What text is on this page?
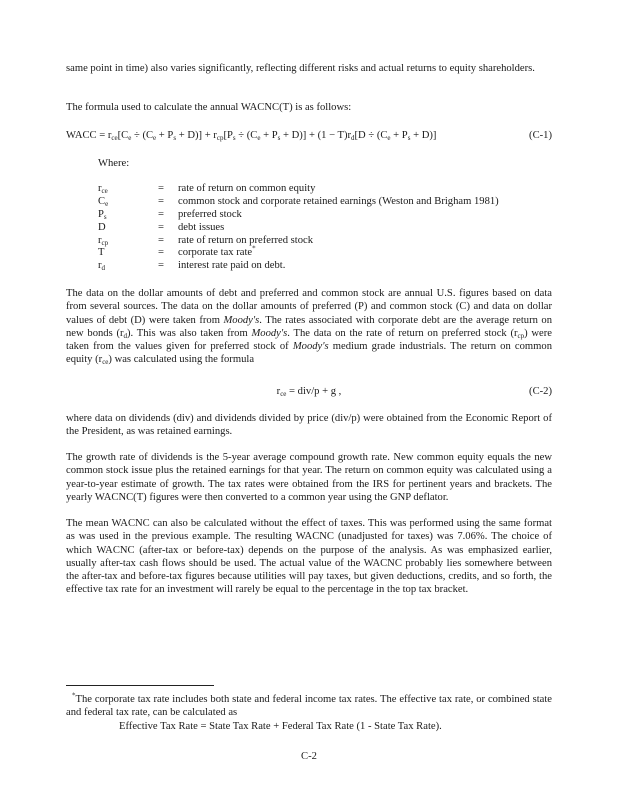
same point in time) also varies significantly, reflecting different risks and actual returns to equity shareholders.

The formula used to calculate the annual WACNC(T) is as follows:

WACC = $r_{ce}[C_e \div (C_e + P_s + D)] + r_{cp}[P_s \div (C_e + P_s + D)] + (1 - T)r_d[D \div (C_e + P_s + D)]$	(C-1)

Where:

$r_{ce}$	= rate of return on common equity
$C_e$	= common stock and corporate retained earnings (Weston and Brigham 1981)
$P_s$	= preferred stock
D	= debt issues
$r_{cp}$	= rate of return on preferred stock
T	= corporate tax rate*
$r_d$	= interest rate paid on debt.

The data on the dollar amounts of debt and preferred and common stock are annual U.S. figures based on data from several sources. The data on the dollar amounts of preferred (P) and common stock (C) and data on dollar values of debt (D) were taken from Moody's. The rates associated with corporate debt are the average return on new bonds $(r_d)$. This was also taken from Moody's. The data on the rate of return on preferred stock $(r_{cp})$ were taken from the values given for preferred stock of Moody's medium grade industrials. The return on common equity $(r_{ce})$ was calculated using the formula

$r_{ce} = div/p + g$ ,	(C-2)

where data on dividends (div) and dividends divided by price (div/p) were obtained from the Economic Report of the President, as was retained earnings.

The growth rate of dividends is the 5-year average compound growth rate. New common equity equals the new common stock issue plus the retained earnings for that year. The return on common equity was calculated using a year-to-year estimate of growth. The tax rates were obtained from the IRS for pertinent years and brackets. The yearly WACNC(T) figures were then converted to a common year using the GNP deflator.

The mean WACNC can also be calculated without the effect of taxes. This was performed using the same format as was used in the previous example. The resulting WACNC (unadjusted for taxes) was 7.06%. The choice of which WACNC (after-tax or before-tax) depends on the purpose of the analysis. As was emphasized earlier, usually after-tax cash flows should be used. The actual value of the WACNC probably lies somewhere between the after-tax and before-tax figures because utilities will pay taxes, but given deductions, credits, and so forth, the effective tax rate for an investment will rarely be equal to the percentage in the top tax bracket.

*The corporate tax rate includes both state and federal income tax rates. The effective tax rate, or combined state and federal tax rate, can be calculated as

Effective Tax Rate = State Tax Rate + Federal Tax Rate (1 - State Tax Rate).

C-2
